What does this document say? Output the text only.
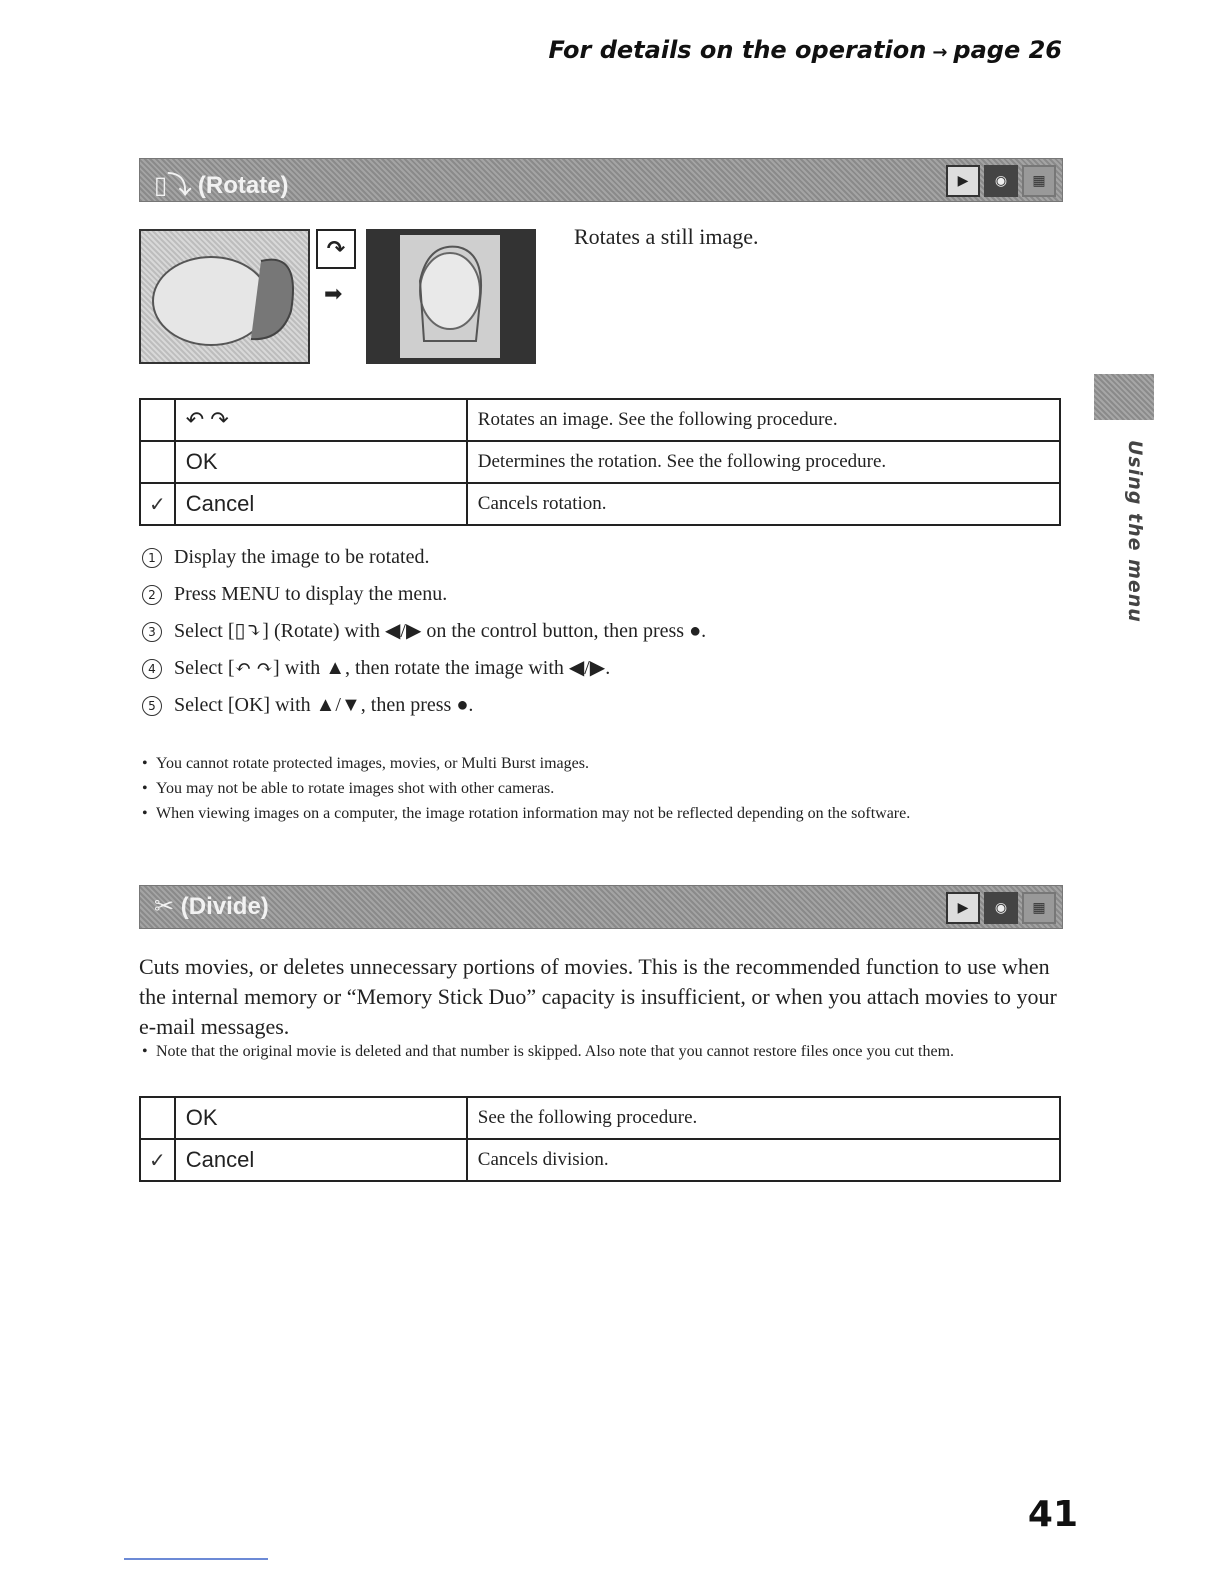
For details on the operation → page 26
▯⤵ (Rotate)	▶	◉	▦
↷
➡
Rotates a still image.
	↶ ↷	Rotates an image. See the following procedure.
	OK	Determines the rotation. See the following procedure.
✓	Cancel	Cancels rotation.
1 Display the image to be rotated.
2 Press MENU to display the menu.
3 Select [▯⤵] (Rotate) with ◀/▶ on the control button, then press ●.
4 Select [↶ ↷] with ▲, then rotate the image with ◀/▶.
5 Select [OK] with ▲/▼, then press ●.
• You cannot rotate protected images, movies, or Multi Burst images.
• You may not be able to rotate images shot with other cameras.
• When viewing images on a computer, the image rotation information may not be reflected depending on the software.
✂ (Divide)	▶	◉	▦
Cuts movies, or deletes unnecessary portions of movies. This is the recommended function to use when the internal memory or “Memory Stick Duo” capacity is insufficient, or when you attach movies to your e-mail messages.
• Note that the original movie is deleted and that number is skipped. Also note that you cannot restore files once you cut them.
	OK	See the following procedure.
✓	Cancel	Cancels division.
Using the menu
41
